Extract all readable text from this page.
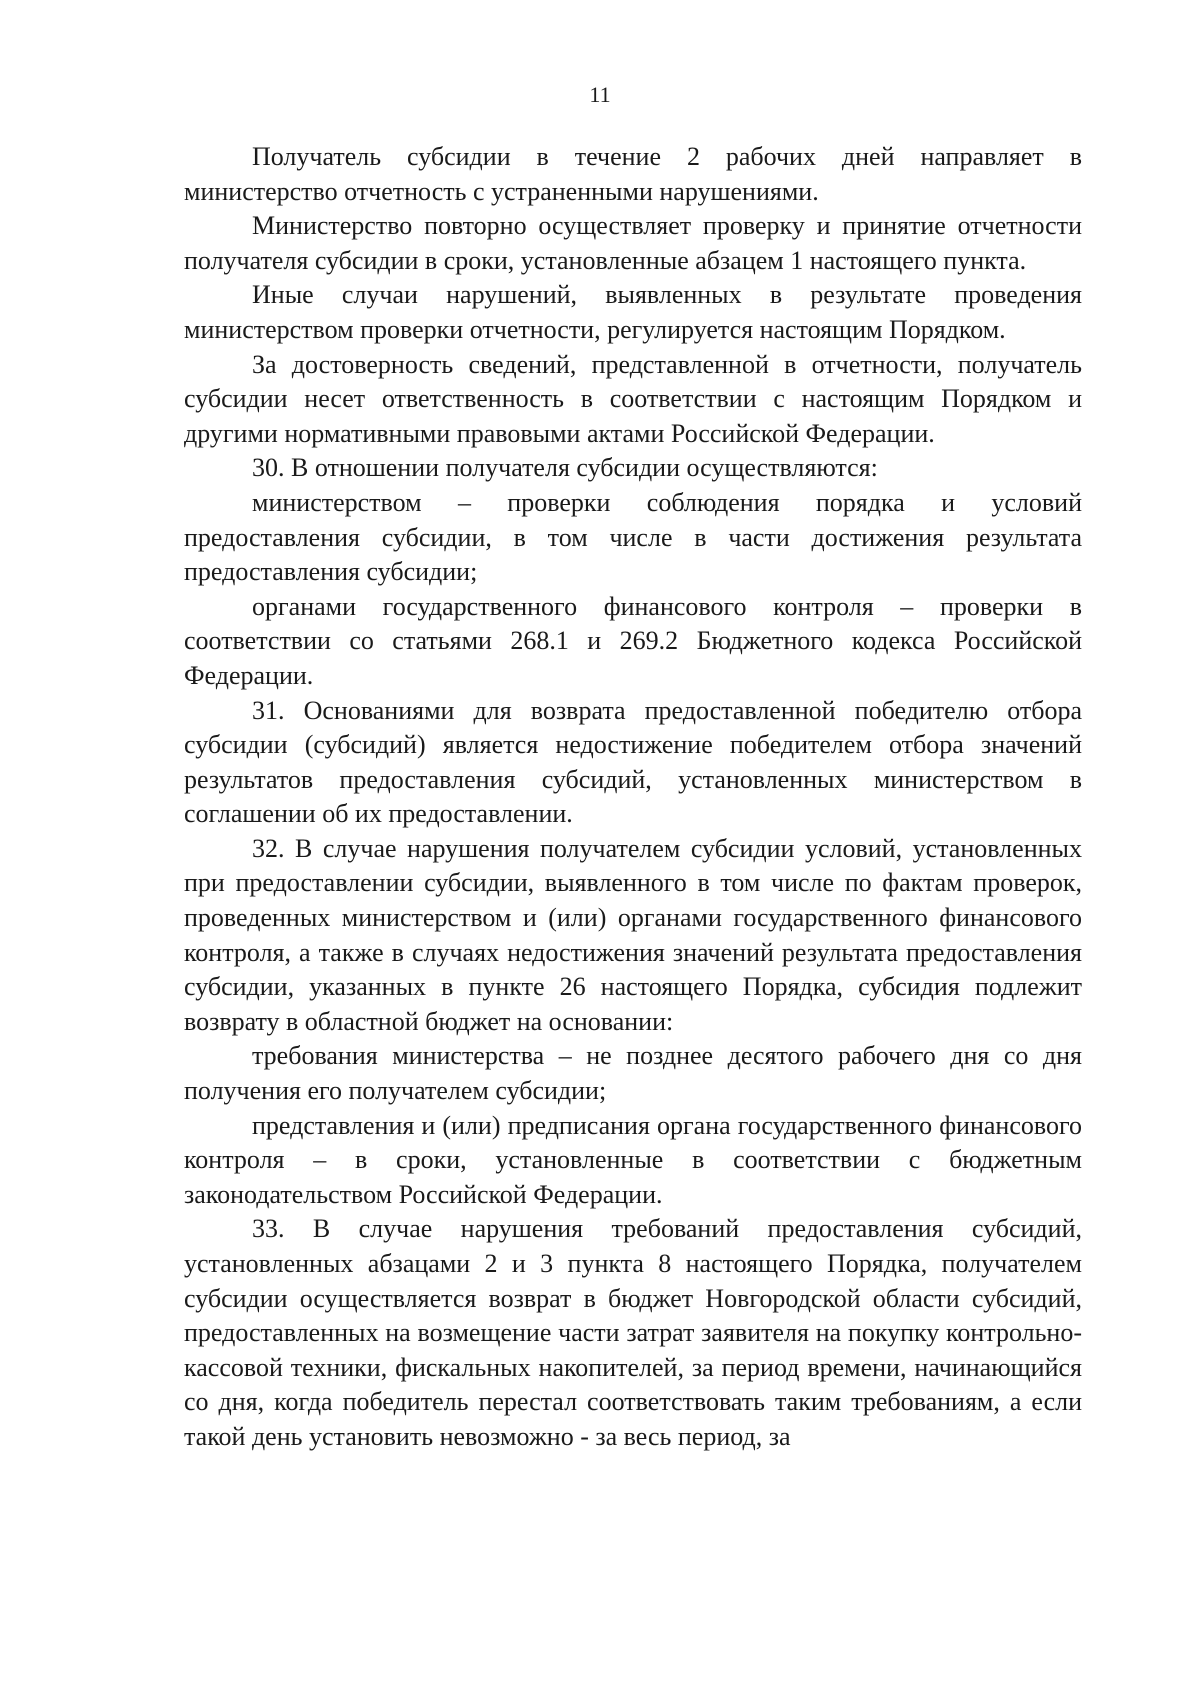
11

Получатель субсидии в течение 2 рабочих дней направляет в министерство отчетность с устраненными нарушениями.

Министерство повторно осуществляет проверку и принятие отчетности получателя субсидии в сроки, установленные абзацем 1 настоящего пункта.

Иные случаи нарушений, выявленных в результате проведения министерством проверки отчетности, регулируется настоящим Порядком.

За достоверность сведений, представленной в отчетности, получатель субсидии несет ответственность в соответствии с настоящим Порядком и другими нормативными правовыми актами Российской Федерации.

30. В отношении получателя субсидии осуществляются:

министерством – проверки соблюдения порядка и условий предоставления субсидии, в том числе в части достижения результата предоставления субсидии;

органами государственного финансового контроля – проверки в соответствии со статьями 268.1 и 269.2 Бюджетного кодекса Российской Федерации.

31. Основаниями для возврата предоставленной победителю отбора субсидии (субсидий) является недостижение победителем отбора значений результатов предоставления субсидий, установленных министерством в соглашении об их предоставлении.

32. В случае нарушения получателем субсидии условий, установленных при предоставлении субсидии, выявленного в том числе по фактам проверок, проведенных министерством и (или) органами государственного финансового контроля, а также в случаях недостижения значений результата предоставления субсидии, указанных в пункте 26 настоящего Порядка, субсидия подлежит возврату в областной бюджет на основании:

требования министерства – не позднее десятого рабочего дня со дня получения его получателем субсидии;

представления и (или) предписания органа государственного финансового контроля – в сроки, установленные в соответствии с бюджетным законодательством Российской Федерации.

33. В случае нарушения требований предоставления субсидий, установленных абзацами 2 и 3 пункта 8 настоящего Порядка, получателем субсидии осуществляется возврат в бюджет Новгородской области субсидий, предоставленных на возмещение части затрат заявителя на покупку контрольно-кассовой техники, фискальных накопителей, за период времени, начинающийся со дня, когда победитель перестал соответствовать таким требованиям, а если такой день установить невозможно - за весь период, за
